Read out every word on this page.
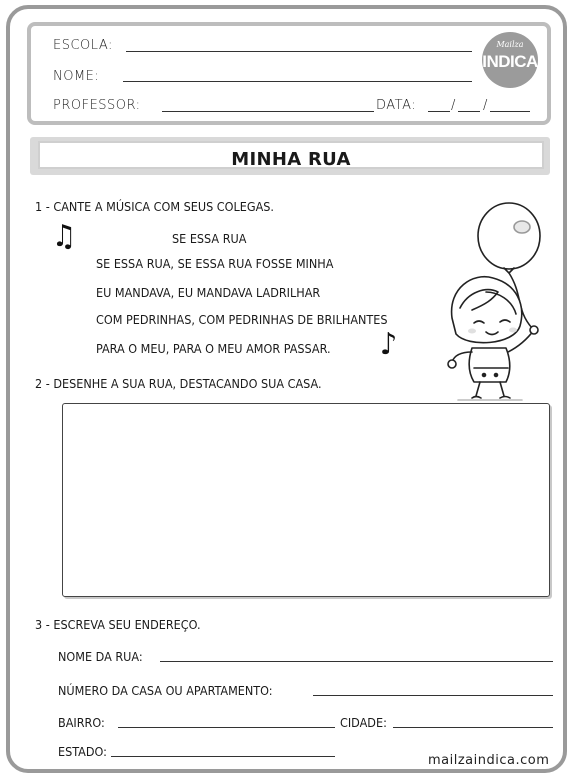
ESCOLA:
NOME:
PROFESSOR:	DATA:	/ /
Mailza
INDICA
MINHA RUA
1 - CANTE A MÚSICA COM SEUS COLEGAS.
♫	SE ESSA RUA
SE ESSA RUA, SE ESSA RUA FOSSE MINHA
EU MANDAVA, EU MANDAVA LADRILHAR
COM PEDRINHAS, COM PEDRINHAS DE BRILHANTES
PARA O MEU, PARA O MEU AMOR PASSAR. ♪
2 - DESENHE A SUA RUA, DESTACANDO SUA CASA.
3 - ESCREVA SEU ENDEREÇO.
NOME DA RUA:
NÚMERO DA CASA OU APARTAMENTO:
BAIRRO:	CIDADE:
ESTADO:
mailzaindica.com
